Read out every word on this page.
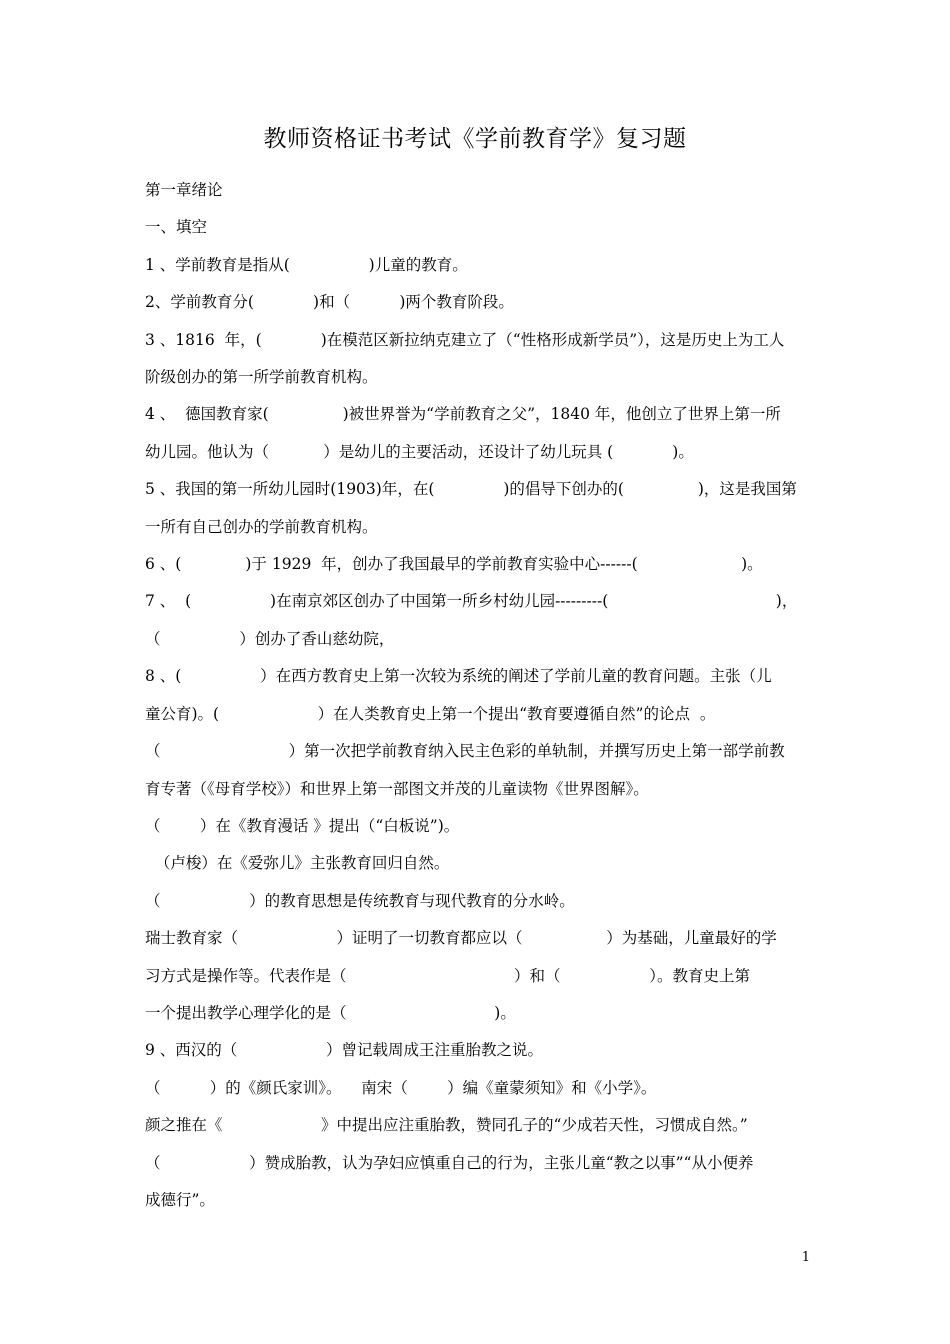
教师资格证书考试《学前教育学》复习题

第一章绪论

一、填空

1 、学前教育是指从(                )儿童的教育。

2、学前教育分(            )和（          )两个教育阶段。

3 、1816  年，(            )在模范区新拉纳克建立了（“性格形成新学员”），这是历史上为工人

阶级创办的第一所学前教育机构。

4 、  德国教育家(               )被世界誉为“学前教育之父”，1840 年，他创立了世界上第一所

幼儿园。他认为（           ）是幼儿的主要活动，还设计了幼儿玩具 (            )。

5 、我国的第一所幼儿园时(1903)年，在(              )的倡导下创办的(               )，这是我国第

一所有自己创办的学前教育机构。

6 、(             )于 1929  年，创办了我国最早的学前教育实验中心------(                     )。

7 、  (                )在南京郊区创办了中国第一所乡村幼儿园---------(                                  )，

（                ）创办了香山慈幼院，

8 、(                ）在西方教育史上第一次较为系统的阐述了学前儿童的教育问题。主张（儿

童公育)。(                    ）在人类教育史上第一个提出“教育要遵循自然”的论点  。

（                          ）第一次把学前教育纳入民主色彩的单轨制，并撰写历史上第一部学前教

育专著（《母育学校》）和世界上第一部图文并茂的儿童读物《世界图解》。

（        ）在《教育漫话 》提出（“白板说”)。

（卢梭）在《爱弥儿》主张教育回归自然。

（                  ）的教育思想是传统教育与现代教育的分水岭。

瑞士教育家（                    ）证明了一切教育都应以（                 ）为基础，儿童最好的学

习方式是操作等。代表作是（                                  ）和（                  ）。教育史上第

一个提出教学心理学化的是（                              )。

9 、西汉的（                  ）曾记载周成王注重胎教之说。

（          ）的《颜氏家训》。    南宋（        ）编《童蒙须知》和《小学》。

颜之推在《                    》中提出应注重胎教，赞同孔子的“少成若天性，习惯成自然。”

（                  ）赞成胎教，认为孕妇应慎重自己的行为，主张儿童“教之以事”“从小便养

成德行”。

1
